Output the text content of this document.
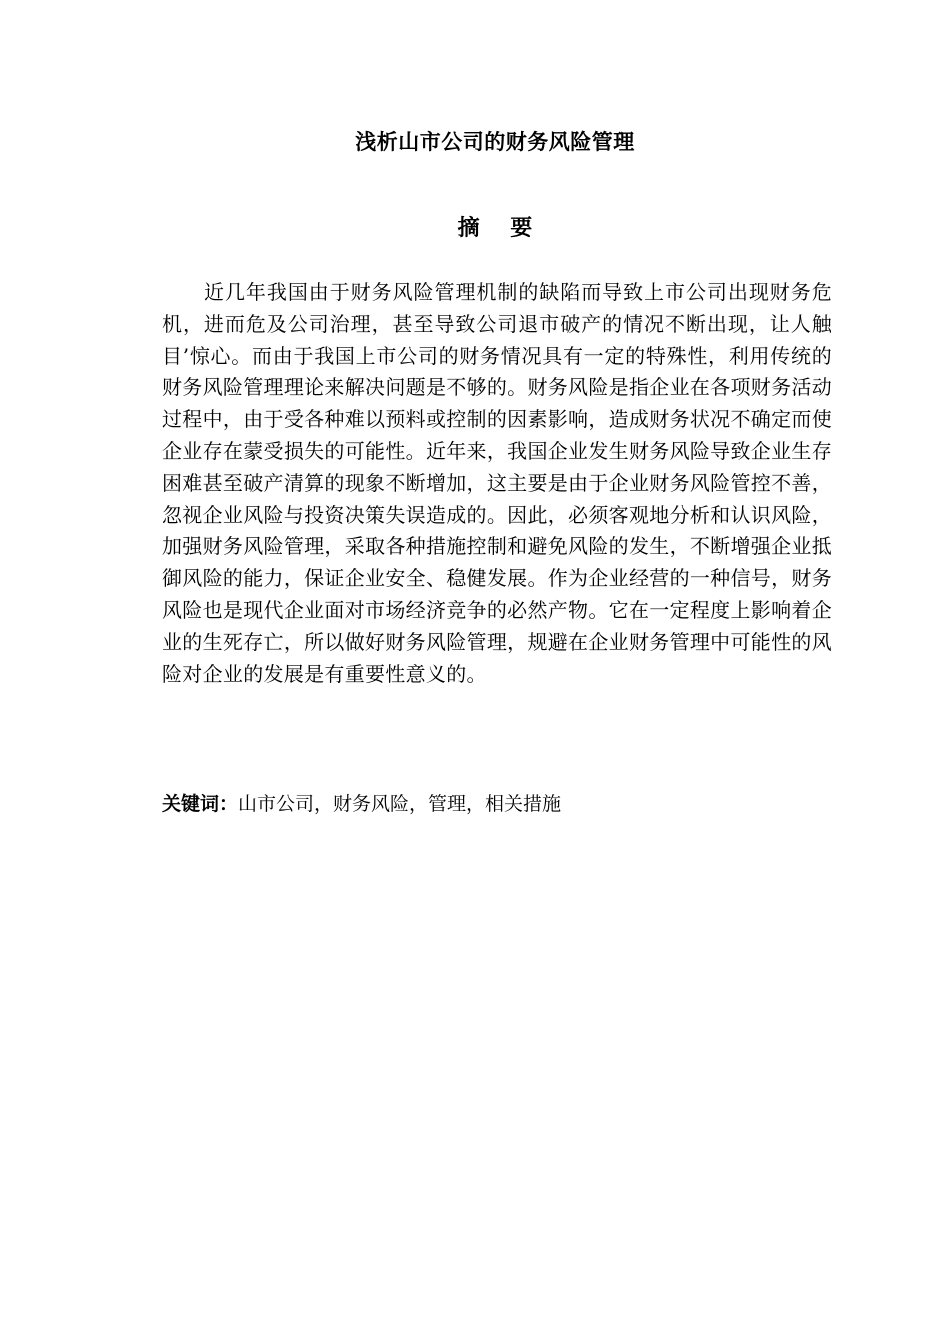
浅析山市公司的财务风险管理
摘    要

近几年我国由于财务风险管理机制的缺陷而导致上市公司出现财务危机，进而危及公司治理，甚至导致公司退市破产的情况不断出现，让人触目’惊心。而由于我国上市公司的财务情况具有一定的特殊性，利用传统的财务风险管理理论来解决问题是不够的。财务风险是指企业在各项财务活动过程中，由于受各种难以预料或控制的因素影响，造成财务状况不确定而使企业存在蒙受损失的可能性。近年来，我国企业发生财务风险导致企业生存困难甚至破产清算的现象不断增加，这主要是由于企业财务风险管控不善，忽视企业风险与投资决策失误造成的。因此，必须客观地分析和认识风险，加强财务风险管理，采取各种措施控制和避免风险的发生，不断增强企业抵御风险的能力，保证企业安全、稳健发展。作为企业经营的一种信号，财务风险也是现代企业面对市场经济竞争的必然产物。它在一定程度上影响着企业的生死存亡，所以做好财务风险管理，规避在企业财务管理中可能性的风险对企业的发展是有重要性意义的。

关键词：山市公司，财务风险，管理，相关措施
